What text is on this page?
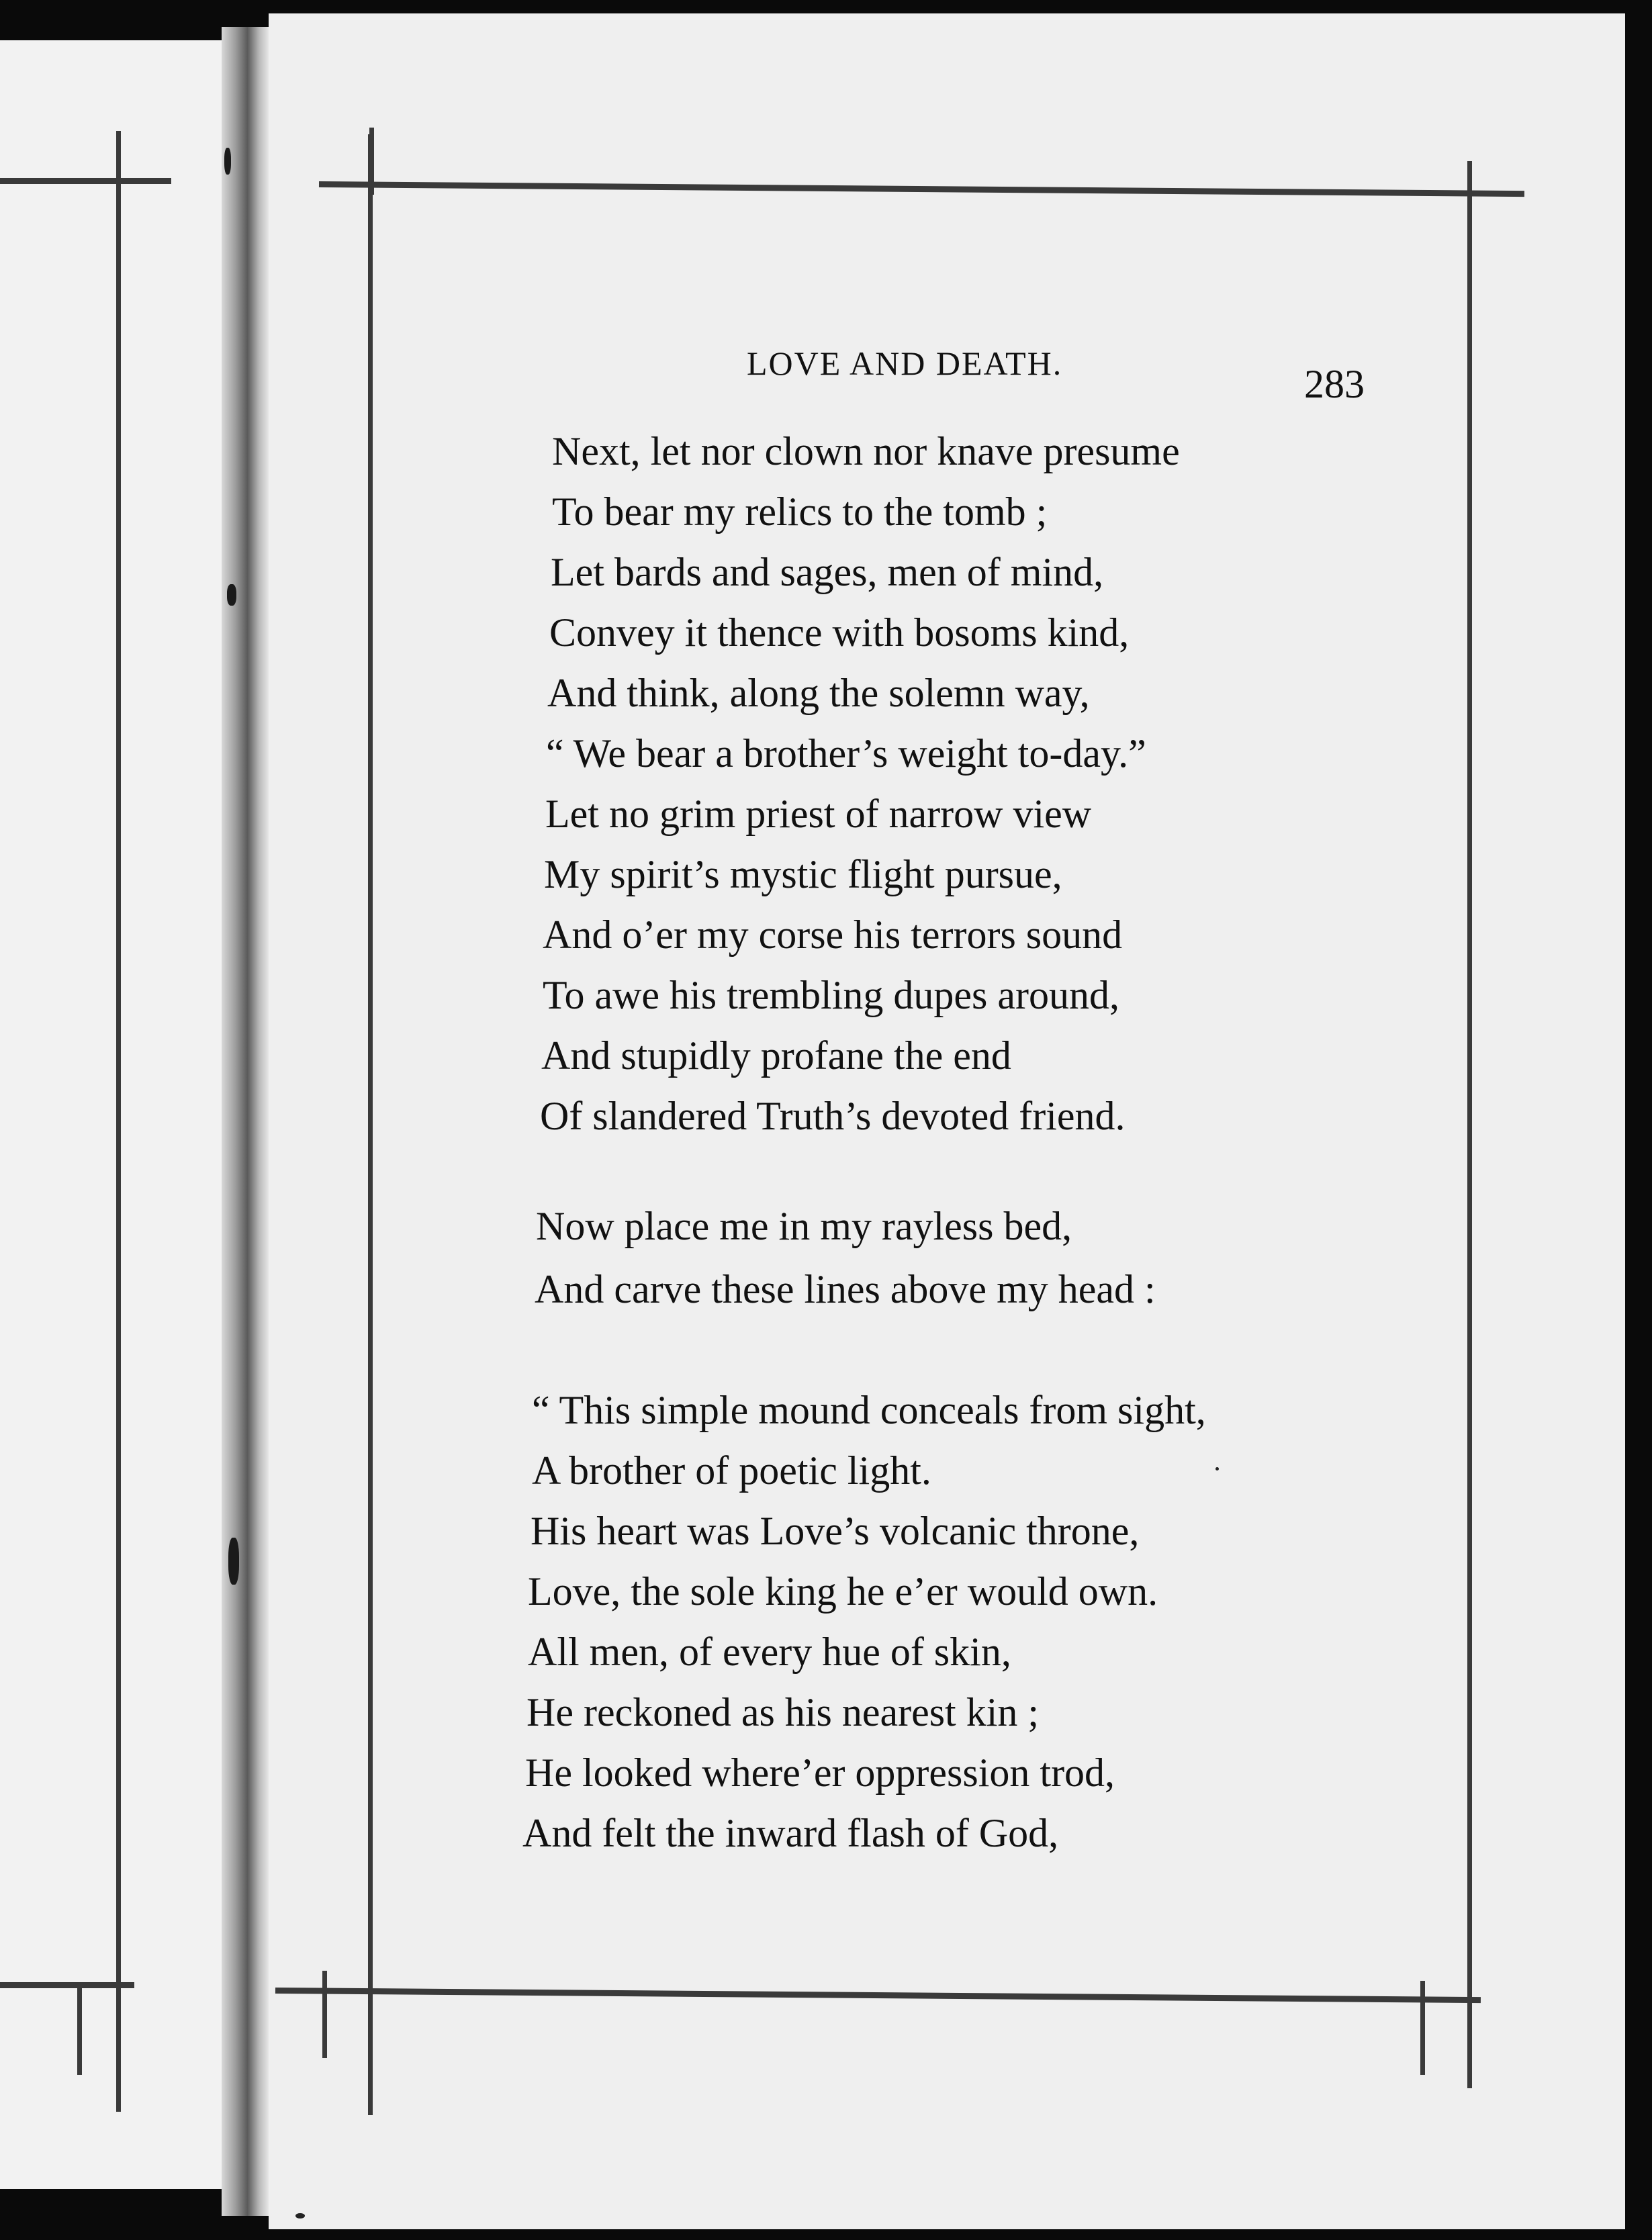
LOVE AND DEATH.	283
Next, let nor clown nor knave presume
To bear my relics to the tomb ;
Let bards and sages, men of mind,
Convey it thence with bosoms kind,
And think, along the solemn way,
“ We bear a brother’s weight to-day.”
Let no grim priest of narrow view
My spirit’s mystic flight pursue,
And o’er my corse his terrors sound
To awe his trembling dupes around,
And stupidly profane the end
Of slandered Truth’s devoted friend.
Now place me in my rayless bed,
And carve these lines above my head :
“ This simple mound conceals from sight,
A brother of poetic light.
His heart was Love’s volcanic throne,
Love, the sole king he e’er would own.
All men, of every hue of skin,
He reckoned as his nearest kin ;
He looked where’er oppression trod,
And felt the inward flash of God,
